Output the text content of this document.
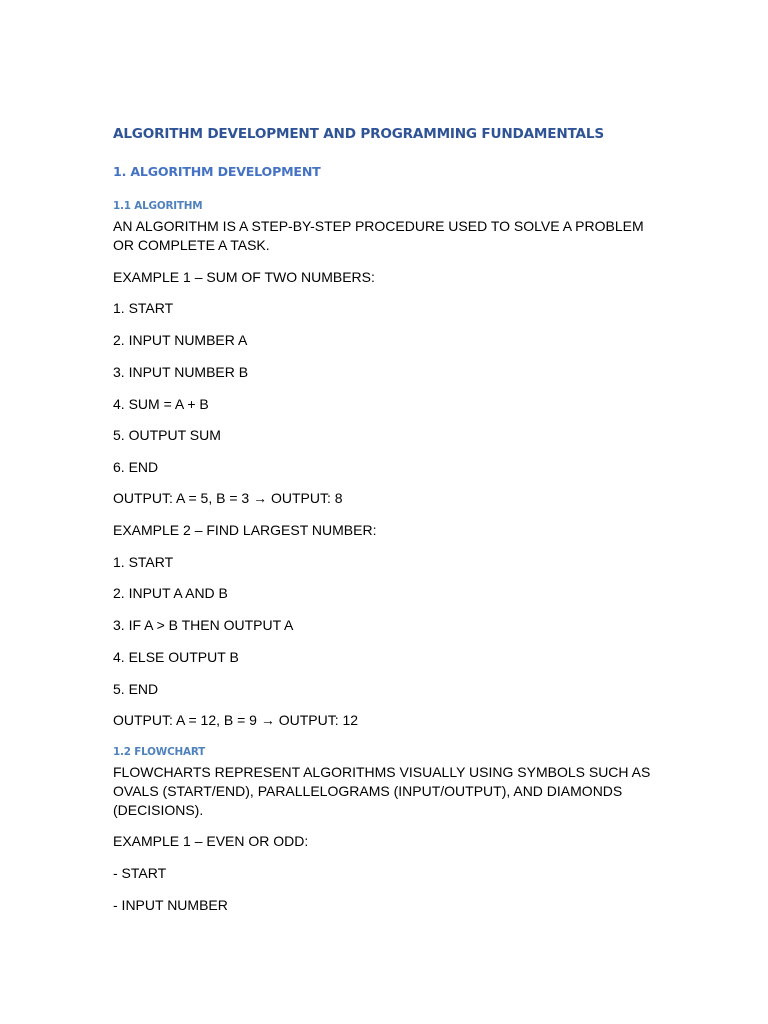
ALGORITHM DEVELOPMENT AND PROGRAMMING FUNDAMENTALS
1. ALGORITHM DEVELOPMENT
1.1 ALGORITHM

AN ALGORITHM IS A STEP-BY-STEP PROCEDURE USED TO SOLVE A PROBLEM OR COMPLETE A TASK.

EXAMPLE 1 – SUM OF TWO NUMBERS:

1. START

2. INPUT NUMBER A

3. INPUT NUMBER B

4. SUM = A + B

5. OUTPUT SUM

6. END

OUTPUT: A = 5, B = 3 → OUTPUT: 8

EXAMPLE 2 – FIND LARGEST NUMBER:

1. START

2. INPUT A AND B

3. IF A > B THEN OUTPUT A

4. ELSE OUTPUT B

5. END

OUTPUT: A = 12, B = 9 → OUTPUT: 12

1.2 FLOWCHART

FLOWCHARTS REPRESENT ALGORITHMS VISUALLY USING SYMBOLS SUCH AS OVALS (START/END), PARALLELOGRAMS (INPUT/OUTPUT), AND DIAMONDS (DECISIONS).

EXAMPLE 1 – EVEN OR ODD:

- START

- INPUT NUMBER
